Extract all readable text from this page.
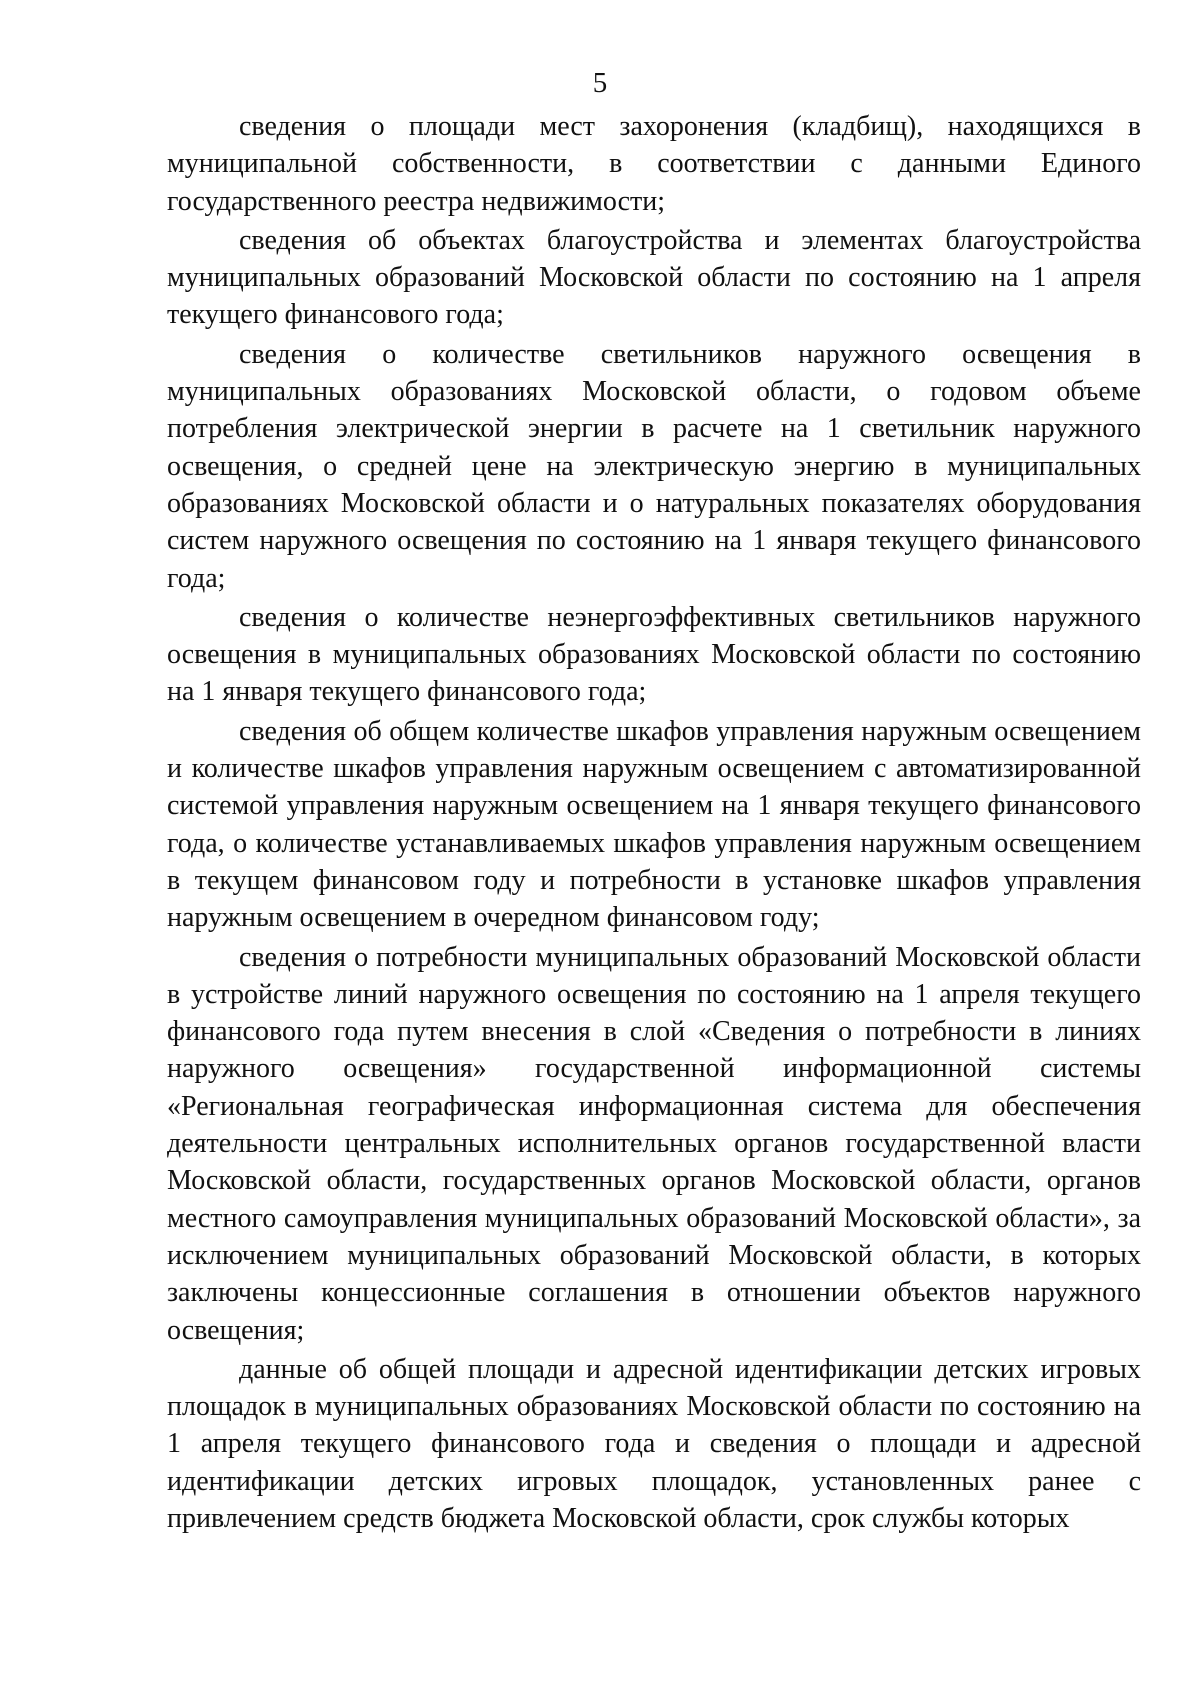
5

сведения о площади мест захоронения (кладбищ), находящихся в муниципальной собственности, в соответствии с данными Единого государственного реестра недвижимости;

сведения об объектах благоустройства и элементах благоустройства муниципальных образований Московской области по состоянию на 1 апреля текущего финансового года;

сведения о количестве светильников наружного освещения в муниципальных образованиях Московской области, о годовом объеме потребления электрической энергии в расчете на 1 светильник наружного освещения, о средней цене на электрическую энергию в муниципальных образованиях Московской области и о натуральных показателях оборудования систем наружного освещения по состоянию на 1 января текущего финансового года;

сведения о количестве неэнергоэффективных светильников наружного освещения в муниципальных образованиях Московской области по состоянию на 1 января текущего финансового года;

сведения об общем количестве шкафов управления наружным освещением и количестве шкафов управления наружным освещением с автоматизированной системой управления наружным освещением на 1 января текущего финансового года, о количестве устанавливаемых шкафов управления наружным освещением в текущем финансовом году и потребности в установке шкафов управления наружным освещением в очередном финансовом году;

сведения о потребности муниципальных образований Московской области в устройстве линий наружного освещения по состоянию на 1 апреля текущего финансового года путем внесения в слой «Сведения о потребности в линиях наружного освещения» государственной информационной системы «Региональная географическая информационная система для обеспечения деятельности центральных исполнительных органов государственной власти Московской области, государственных органов Московской области, органов местного самоуправления муниципальных образований Московской области», за исключением муниципальных образований Московской области, в которых заключены концессионные соглашения в отношении объектов наружного освещения;

данные об общей площади и адресной идентификации детских игровых площадок в муниципальных образованиях Московской области по состоянию на 1 апреля текущего финансового года и сведения о площади и адресной идентификации детских игровых площадок, установленных ранее с привлечением средств бюджета Московской области, срок службы которых
